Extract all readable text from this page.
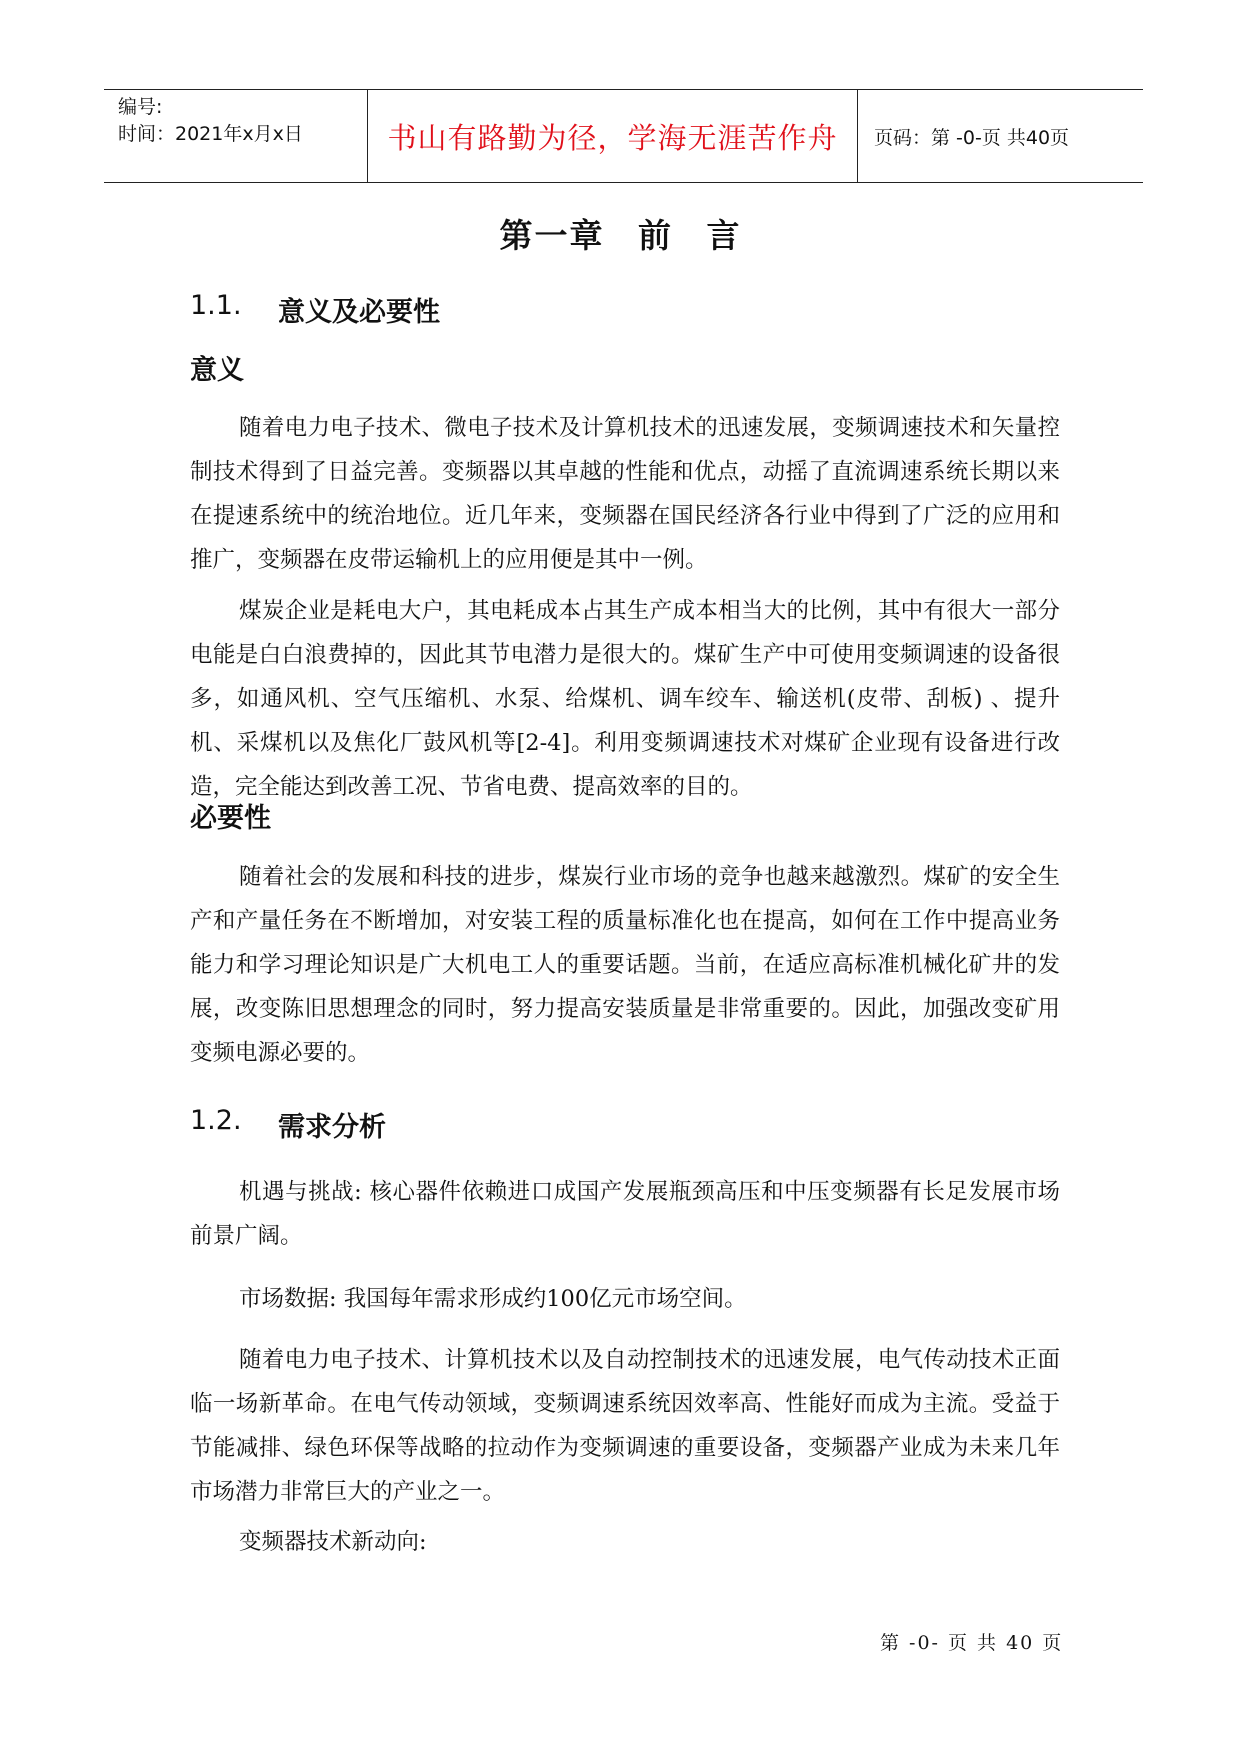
编号:
时间：2021年x月x日	书山有路勤为径，学海无涯苦作舟	页码：第 -0-页 共40页
第一章 前 言
1.1.	意义及必要性
意义

随着电力电子技术、微电子技术及计算机技术的迅速发展，变频调速技术和矢量控制技术得到了日益完善。变频器以其卓越的性能和优点，动摇了直流调速系统长期以来在提速系统中的统治地位。近几年来，变频器在国民经济各行业中得到了广泛的应用和推广，变频器在皮带运输机上的应用便是其中一例。

煤炭企业是耗电大户，其电耗成本占其生产成本相当大的比例，其中有很大一部分电能是白白浪费掉的，因此其节电潜力是很大的。煤矿生产中可使用变频调速的设备很多，如通风机、空气压缩机、水泵、给煤机、调车绞车、输送机(皮带、刮板) 、提升机、采煤机以及焦化厂鼓风机等[2-4]。利用变频调速技术对煤矿企业现有设备进行改造，完全能达到改善工况、节省电费、提高效率的目的。

必要性

随着社会的发展和科技的进步，煤炭行业市场的竞争也越来越激烈。煤矿的安全生产和产量任务在不断增加，对安装工程的质量标准化也在提高，如何在工作中提高业务能力和学习理论知识是广大机电工人的重要话题。当前，在适应高标准机械化矿井的发展，改变陈旧思想理念的同时，努力提高安装质量是非常重要的。因此，加强改变矿用变频电源必要的。

1.2.	需求分析

机遇与挑战: 核心器件依赖进口成国产发展瓶颈高压和中压变频器有长足发展市场前景广阔。

市场数据: 我国每年需求形成约100亿元市场空间。

随着电力电子技术、计算机技术以及自动控制技术的迅速发展，电气传动技术正面临一场新革命。在电气传动领域，变频调速系统因效率高、性能好而成为主流。受益于节能减排、绿色环保等战略的拉动作为变频调速的重要设备，变频器产业成为未来几年市场潜力非常巨大的产业之一。

变频器技术新动向:

第 -0- 页 共 40 页
